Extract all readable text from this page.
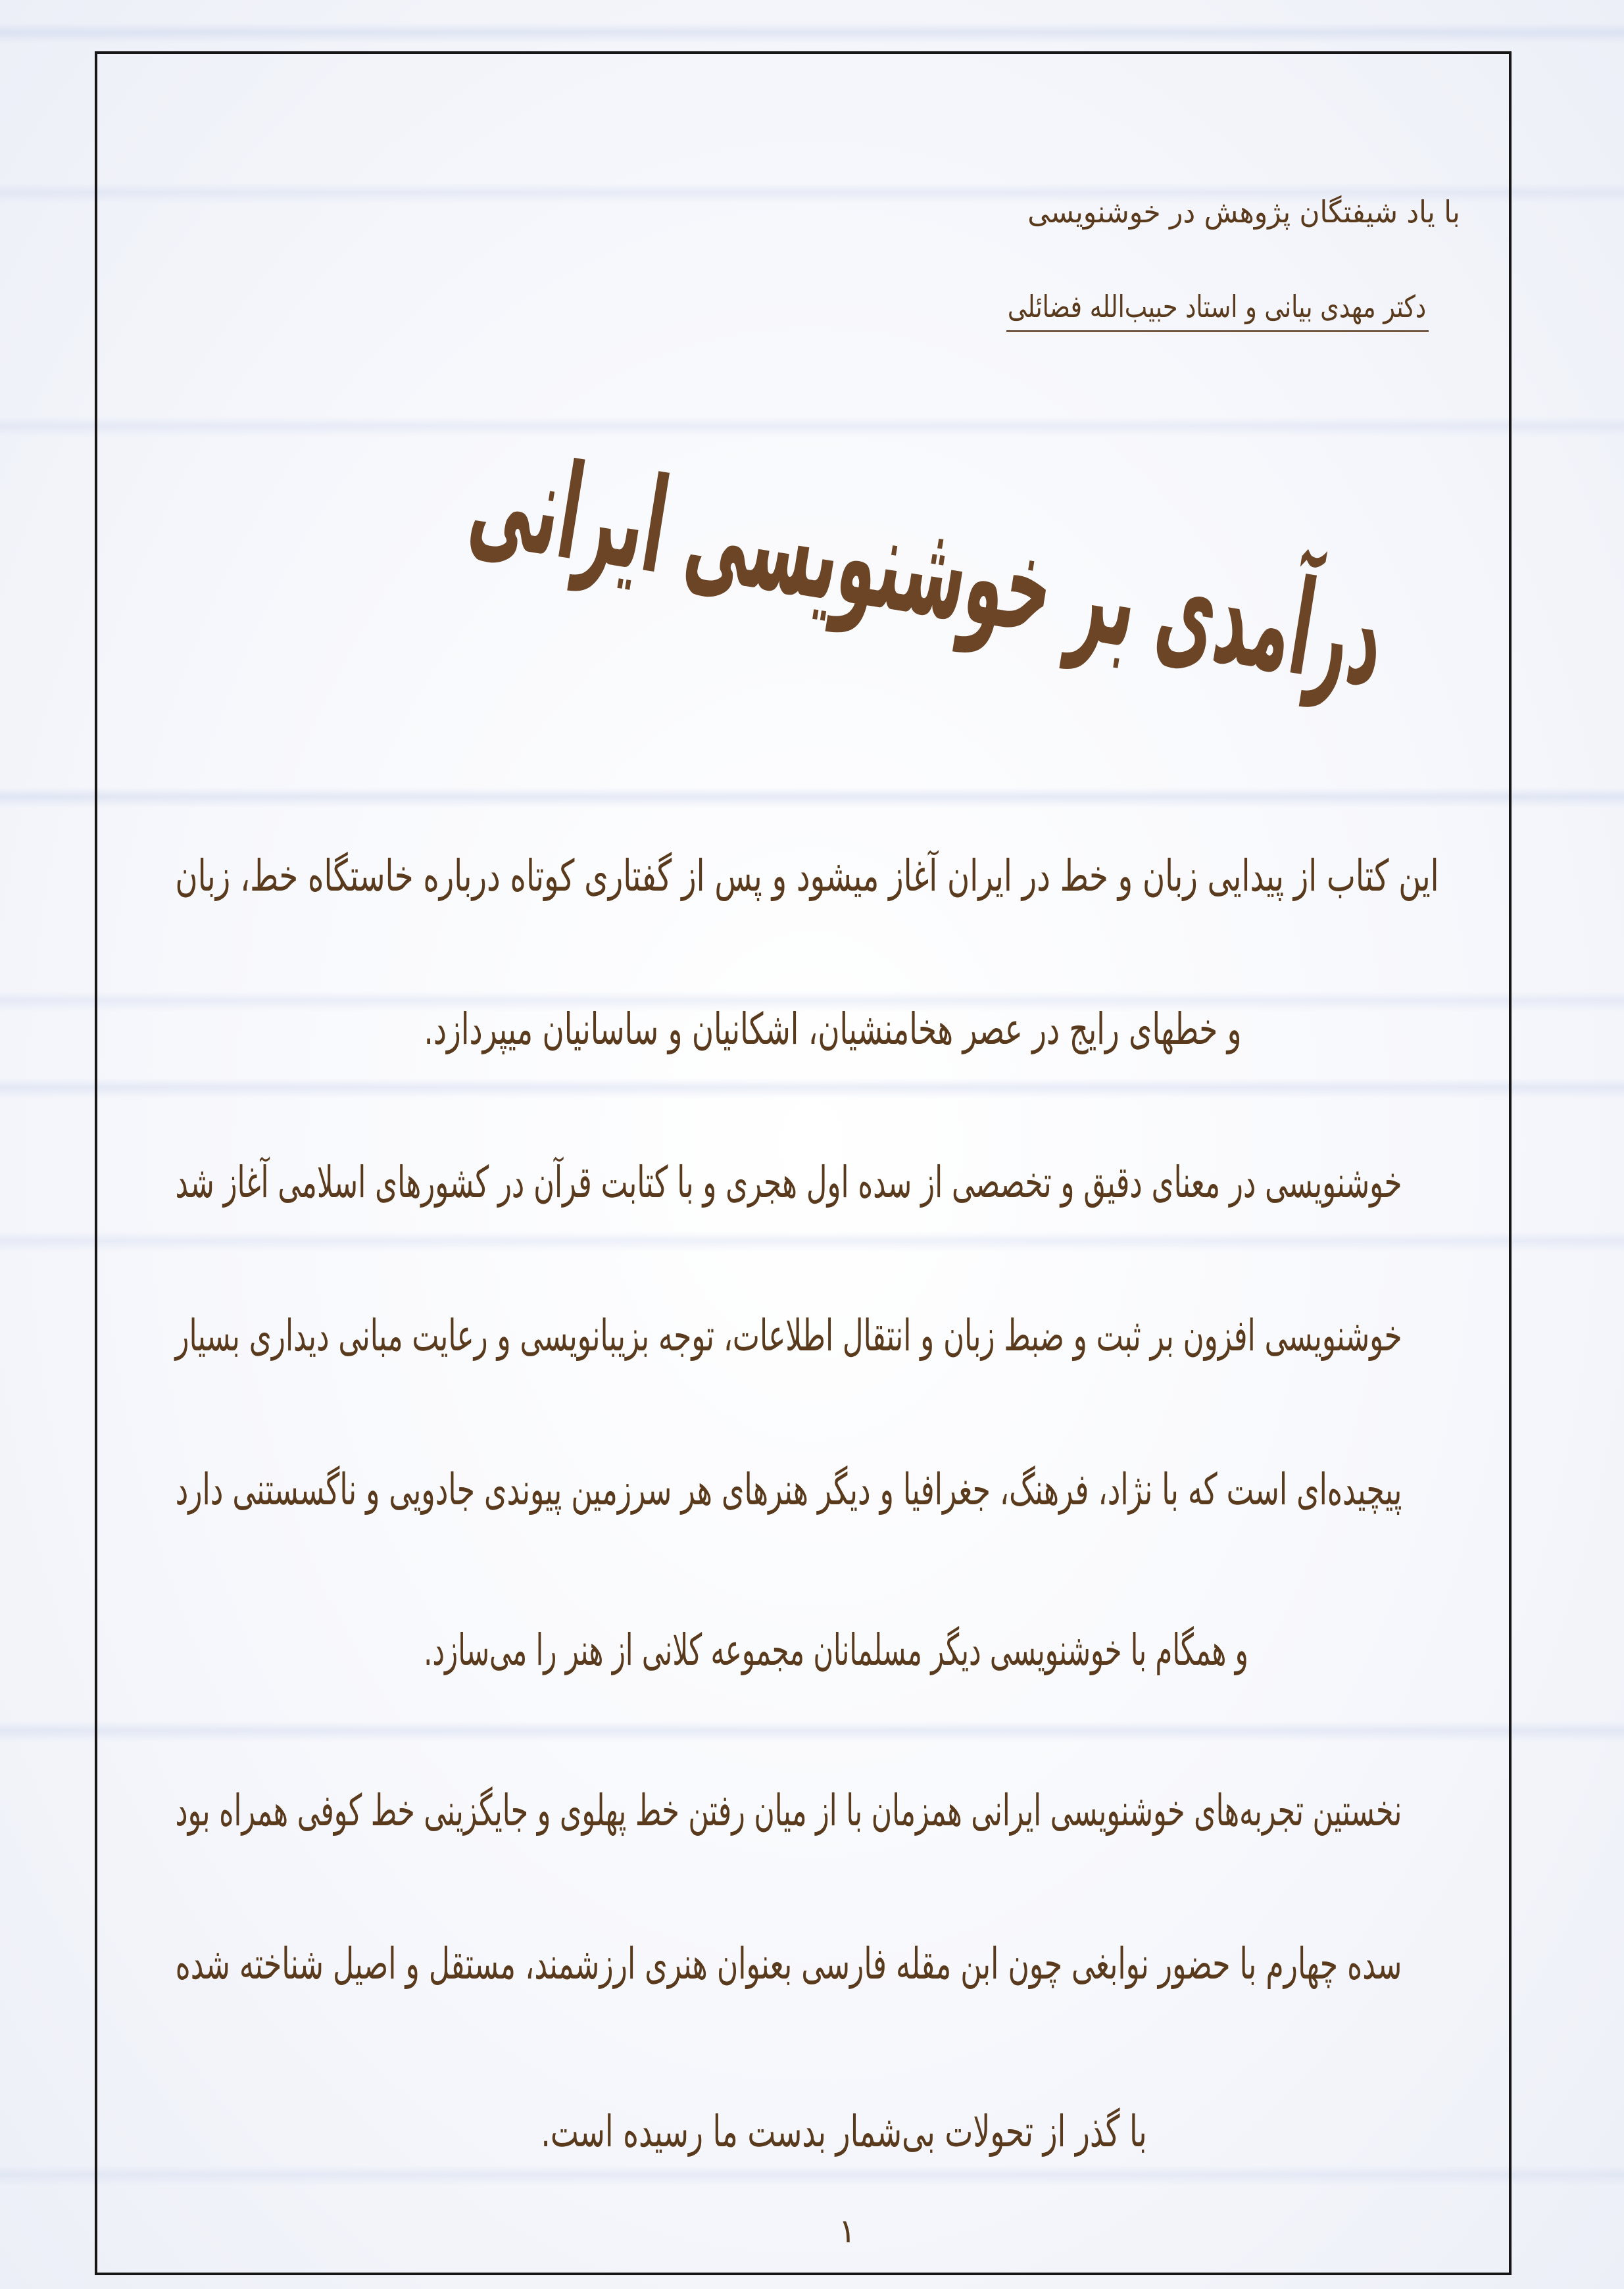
با یاد شیفتگان پژوهش در خوشنویسی
دکتر مهدی بیانی و استاد حبیب‌الله فضائلی
درآمدی بر خوشنویسی ایرانی
این کتاب از پیدایی زبان و خط در ایران آغاز میشود و پس از گفتاری کوتاه درباره خاستگاه خط، زبان
و خطهای رایج در عصر هخامنشیان، اشکانیان و ساسانیان میپردازد.
خوشنویسی در معنای دقیق و تخصصی از سده اول هجری و با کتابت قرآن در کشورهای اسلامی آغاز شد
خوشنویسی افزون بر ثبت و ضبط زبان و انتقال اطلاعات، توجه بزیبانویسی و رعایت مبانی دیداری بسیار
پیچیده‌ای است که با نژاد، فرهنگ، جغرافیا و دیگر هنرهای هر سرزمین پیوندی جادویی و ناگسستنی دارد
و همگام با خوشنویسی دیگر مسلمانان مجموعه کلانی از هنر را می‌سازد.
نخستین تجربه‌های خوشنویسی ایرانی همزمان با از میان رفتن خط پهلوی و جایگزینی خط کوفی همراه بود
سده چهارم با حضور نوابغی چون ابن مقله فارسی بعنوان هنری ارزشمند، مستقل و اصیل شناخته شده
با گذر از تحولات بی‌شمار بدست ما رسیده است.
۱
